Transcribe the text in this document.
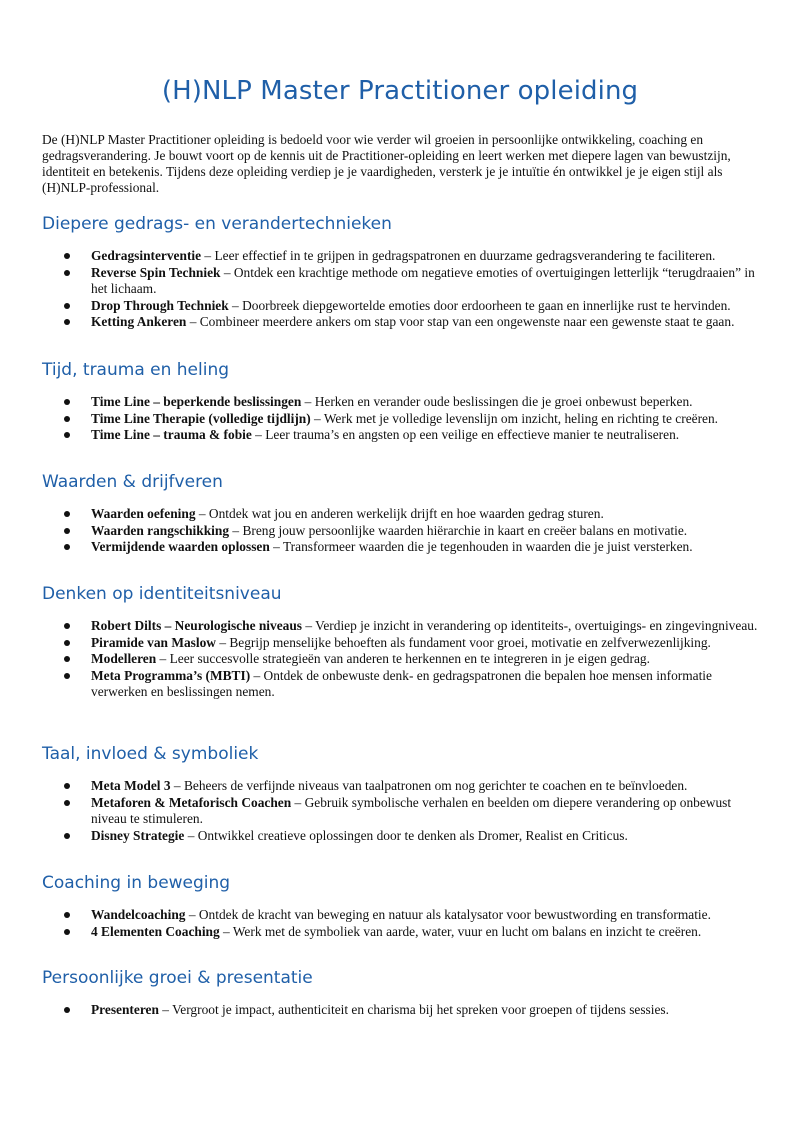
(H)NLP Master Practitioner opleiding

De (H)NLP Master Practitioner opleiding is bedoeld voor wie verder wil groeien in persoonlijke ontwikkeling, coaching en gedragsverandering. Je bouwt voort op de kennis uit de Practitioner-opleiding en leert werken met diepere lagen van bewustzijn, identiteit en betekenis. Tijdens deze opleiding verdiep je je vaardigheden, versterk je je intuïtie én ontwikkel je je eigen stijl als (H)NLP-professional.

Diepere gedrags- en verandertechnieken
Gedragsinterventie – Leer effectief in te grijpen in gedragspatronen en duurzame gedragsverandering te faciliteren.
Reverse Spin Techniek – Ontdek een krachtige methode om negatieve emoties of overtuigingen letterlijk “terugdraaien” in het lichaam.
Drop Through Techniek – Doorbreek diepgewortelde emoties door erdoorheen te gaan en innerlijke rust te hervinden.
Ketting Ankeren – Combineer meerdere ankers om stap voor stap van een ongewenste naar een gewenste staat te gaan.
Tijd, trauma en heling
Time Line – beperkende beslissingen – Herken en verander oude beslissingen die je groei onbewust beperken.
Time Line Therapie (volledige tijdlijn) – Werk met je volledige levenslijn om inzicht, heling en richting te creëren.
Time Line – trauma & fobie – Leer trauma’s en angsten op een veilige en effectieve manier te neutraliseren.
Waarden & drijfveren
Waarden oefening – Ontdek wat jou en anderen werkelijk drijft en hoe waarden gedrag sturen.
Waarden rangschikking – Breng jouw persoonlijke waarden hiërarchie in kaart en creëer balans en motivatie.
Vermijdende waarden oplossen – Transformeer waarden die je tegenhouden in waarden die je juist versterken.
Denken op identiteitsniveau
Robert Dilts – Neurologische niveaus – Verdiep je inzicht in verandering op identiteits-, overtuigings- en zingevingniveau.
Piramide van Maslow – Begrijp menselijke behoeften als fundament voor groei, motivatie en zelfverwezenlijking.
Modelleren – Leer succesvolle strategieën van anderen te herkennen en te integreren in je eigen gedrag.
Meta Programma’s (MBTI) – Ontdek de onbewuste denk- en gedragspatronen die bepalen hoe mensen informatie verwerken en beslissingen nemen.
Taal, invloed & symboliek
Meta Model 3 – Beheers de verfijnde niveaus van taalpatronen om nog gerichter te coachen en te beïnvloeden.
Metaforen & Metaforisch Coachen – Gebruik symbolische verhalen en beelden om diepere verandering op onbewust niveau te stimuleren.
Disney Strategie – Ontwikkel creatieve oplossingen door te denken als Dromer, Realist en Criticus.
Coaching in beweging
Wandelcoaching – Ontdek de kracht van beweging en natuur als katalysator voor bewustwording en transformatie.
4 Elementen Coaching – Werk met de symboliek van aarde, water, vuur en lucht om balans en inzicht te creëren.
Persoonlijke groei & presentatie
Presenteren – Vergroot je impact, authenticiteit en charisma bij het spreken voor groepen of tijdens sessies.
